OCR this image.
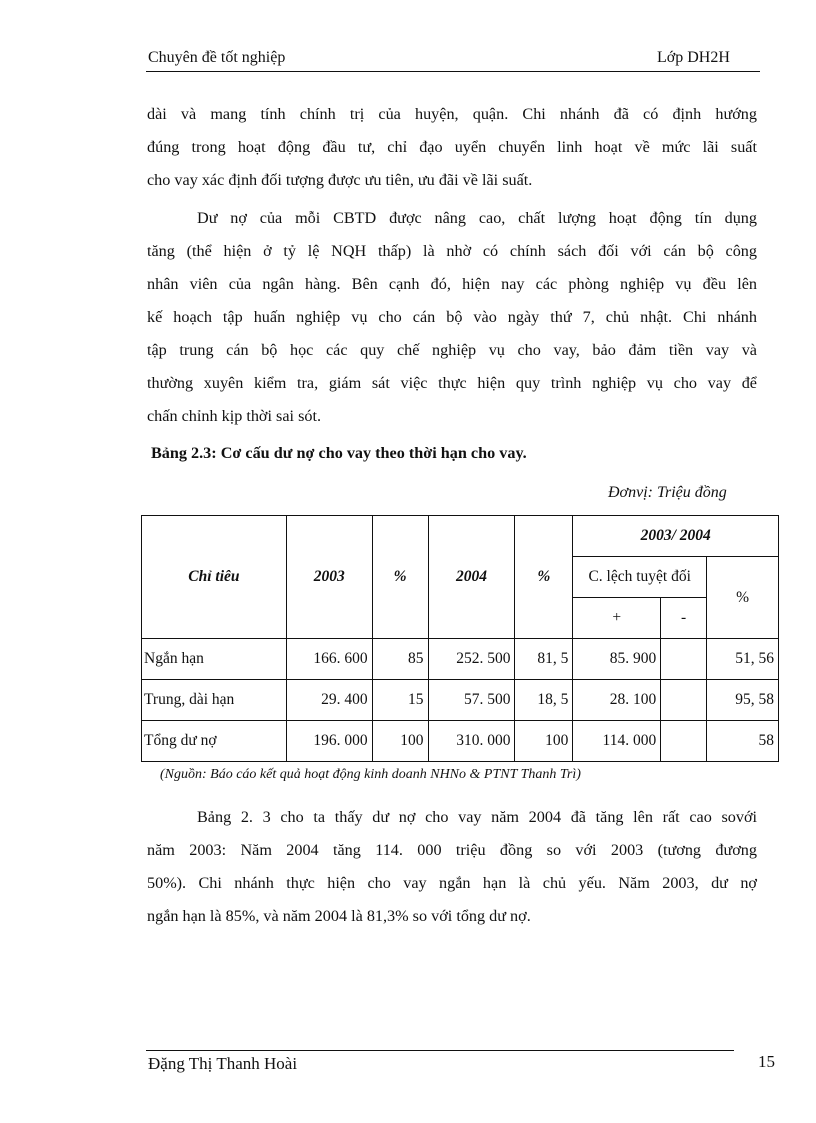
Chuyên đề tốt nghiệp	Lớp DH2H

dài và mang tính chính trị của huyện, quận. Chi nhánh đã có định hướng
đúng trong hoạt động đầu tư, chỉ đạo uyển chuyển linh hoạt về mức lãi suất
cho vay xác định đối tượng được ưu tiên, ưu đãi về lãi suất.

Dư nợ của mỗi CBTD được nâng cao, chất lượng hoạt động tín dụng
tăng (thể hiện ở tỷ lệ NQH thấp) là nhờ có chính sách đối với cán bộ công
nhân viên của ngân hàng. Bên cạnh đó, hiện nay các phòng nghiệp vụ đều lên
kế hoạch tập huấn nghiệp vụ cho cán bộ vào ngày thứ 7, chủ nhật. Chi nhánh
tập trung cán bộ học các quy chế nghiệp vụ cho vay, bảo đảm tiền vay và
thường xuyên kiểm tra, giám sát việc thực hiện quy trình nghiệp vụ cho vay để
chấn chỉnh kịp thời sai sót.

Bảng 2.3: Cơ cấu dư nợ cho vay theo thời hạn cho vay.

Đơnvị: Triệu đồng
Chỉ tiêu	2003	%	2004	%	2003/ 2004		
					C. lệch tuyệt đối		%
					+	-	
Ngắn hạn	166. 600	85	252. 500	81, 5	85. 900		51, 56
Trung, dài hạn	29. 400	15	57. 500	18, 5	28. 100		95, 58
Tổng dư nợ	196. 000	100	310. 000	100	114. 000		58

(Nguồn: Báo cáo kết quả hoạt động kinh doanh NHNo & PTNT Thanh Trì)

Bảng 2. 3 cho ta thấy dư nợ cho vay năm 2004 đã tăng lên rất cao sovới
năm 2003: Năm 2004 tăng 114. 000 triệu đồng so với 2003 (tương đương
50%). Chi nhánh thực hiện cho vay ngắn hạn là chủ yếu. Năm 2003, dư nợ
ngắn hạn là 85%, và năm 2004 là 81,3% so với tổng dư nợ.

Đặng Thị Thanh Hoài	15
